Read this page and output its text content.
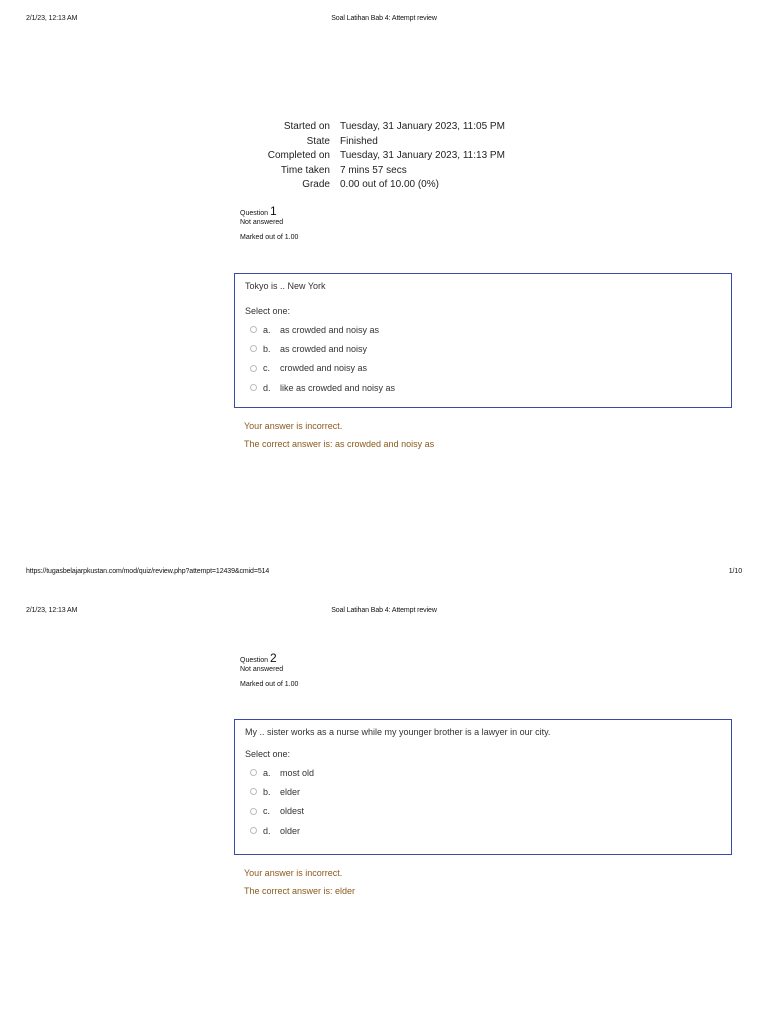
2/1/23, 12:13 AM	Soal Latihan Bab 4: Attempt review
Started on	Tuesday, 31 January 2023, 11:05 PM
State	Finished
Completed on	Tuesday, 31 January 2023, 11:13 PM
Time taken	7 mins 57 secs
Grade	0.00 out of 10.00 (0%)
Question 1
Not answered
Marked out of 1.00
Tokyo is .. New York
Select one:
a.	as crowded and noisy as
b.	as crowded and noisy
c.	crowded and noisy as
d.	like as crowded and noisy as
Your answer is incorrect.
The correct answer is: as crowded and noisy as
https://tugasbelajarpkustan.com/mod/quiz/review.php?attempt=12439&cmid=514	1/10
2/1/23, 12:13 AM	Soal Latihan Bab 4: Attempt review
Question 2
Not answered
Marked out of 1.00
My .. sister works as a nurse while my younger brother is a lawyer in our city.
Select one:
a.	most old
b.	elder
c.	oldest
d.	older
Your answer is incorrect.
The correct answer is: elder
